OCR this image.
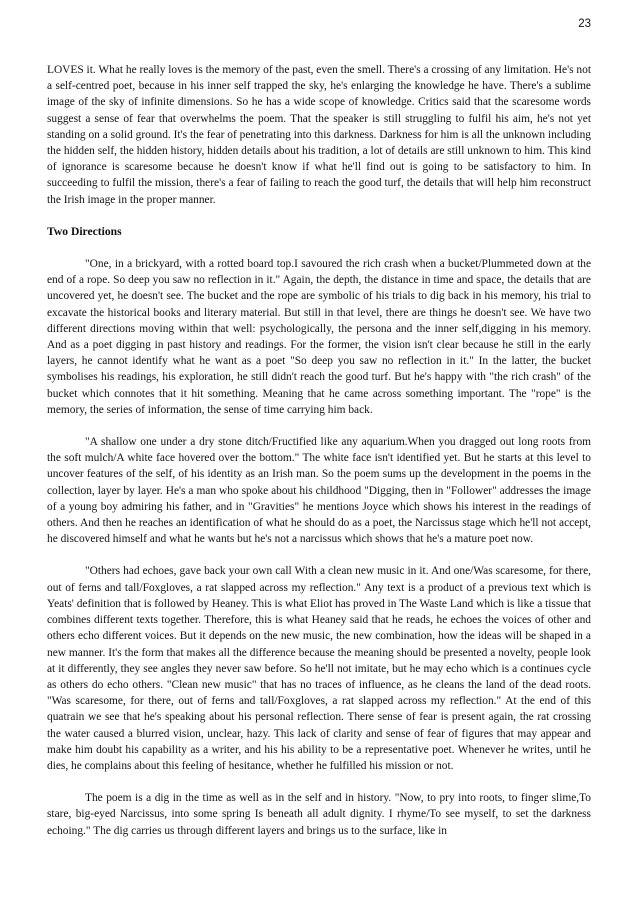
23

LOVES it. What he really loves is the memory of the past, even the smell. There's a crossing of any limitation. He's not a self-centred poet, because in his inner self trapped the sky, he's enlarging the knowledge he have. There's a sublime image of the sky of infinite dimensions. So he has a wide scope of knowledge. Critics said that the scaresome words suggest a sense of fear that overwhelms the poem. That the speaker is still struggling to fulfil his aim, he's not yet standing on a solid ground. It's the fear of penetrating into this darkness. Darkness for him is all the unknown including the hidden self, the hidden history, hidden details about his tradition, a lot of details are still unknown to him. This kind of ignorance is scaresome because he doesn't know if what he'll find out is going to be satisfactory to him. In succeeding to fulfil the mission, there's a fear of failing to reach the good turf, the details that will help him reconstruct the Irish image in the proper manner.

Two Directions

"One, in a brickyard, with a rotted board top.I savoured the rich crash when a bucket/Plummeted down at the end of a rope. So deep you saw no reflection in it." Again, the depth, the distance in time and space, the details that are uncovered yet, he doesn't see. The bucket and the rope are symbolic of his trials to dig back in his memory, his trial to excavate the historical books and literary material. But still in that level, there are things he doesn't see. We have two different directions moving within that well: psychologically, the persona and the inner self,digging in his memory. And as a poet digging in past history and readings. For the former, the vision isn't clear because he still in the early layers, he cannot identify what he want as a poet "So deep you saw no reflection in it." In the latter, the bucket symbolises his readings, his exploration, he still didn't reach the good turf. But he's happy with "the rich crash" of the bucket which connotes that it hit something. Meaning that he came across something important. The "rope" is the memory, the series of information, the sense of time carrying him back.

"A shallow one under a dry stone ditch/Fructified like any aquarium.When you dragged out long roots from the soft mulch/A white face hovered over the bottom." The white face isn't identified yet. But he starts at this level to uncover features of the self, of his identity as an Irish man. So the poem sums up the development in the poems in the collection, layer by layer. He's a man who spoke about his childhood "Digging, then in "Follower" addresses the image of a young boy admiring his father, and in "Gravities" he mentions Joyce which shows his interest in the readings of others. And then he reaches an identification of what he should do as a poet, the Narcissus stage which he'll not accept, he discovered himself and what he wants but he's not a narcissus which shows that he's a mature poet now.

"Others had echoes, gave back your own call With a clean new music in it. And one/Was scaresome, for there, out of ferns and tall/Foxgloves, a rat slapped across my reflection." Any text is a product of a previous text which is Yeats' definition that is followed by Heaney. This is what Eliot has proved in The Waste Land which is like a tissue that combines different texts together. Therefore, this is what Heaney said that he reads, he echoes the voices of other and others echo different voices. But it depends on the new music, the new combination, how the ideas will be shaped in a new manner. It's the form that makes all the difference because the meaning should be presented a novelty, people look at it differently, they see angles they never saw before. So he'll not imitate, but he may echo which is a continues cycle as others do echo others. "Clean new music" that has no traces of influence, as he cleans the land of the dead roots. "Was scaresome, for there, out of ferns and tall/Foxgloves, a rat slapped across my reflection." At the end of this quatrain we see that he's speaking about his personal reflection. There sense of fear is present again, the rat crossing the water caused a blurred vision, unclear, hazy. This lack of clarity and sense of fear of figures that may appear and make him doubt his capability as a writer, and his his ability to be a representative poet. Whenever he writes, until he dies, he complains about this feeling of hesitance, whether he fulfilled his mission or not.

The poem is a dig in the time as well as in the self and in history. "Now, to pry into roots, to finger slime,To stare, big-eyed Narcissus, into some spring Is beneath all adult dignity. I rhyme/To see myself, to set the darkness echoing." The dig carries us through different layers and brings us to the surface, like in
